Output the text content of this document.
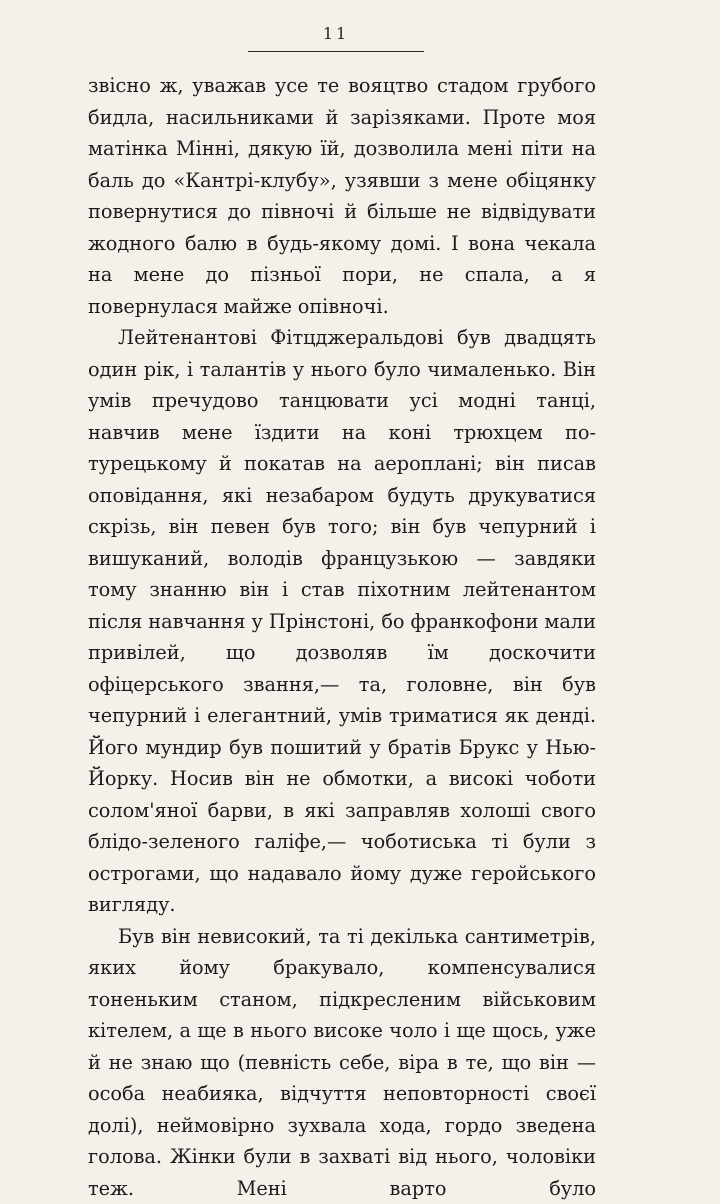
11

звісно ж, уважав усе те вояцтво стадом грубого бидла, насильниками й зарізяками. Проте моя матінка Мінні, дякую їй, дозволила мені піти на баль до «Кантрі-клубу», узявши з мене обіцянку повернутися до півночі й більше не відвідувати жодного балю в будь-якому домі. І вона чекала на мене до пізньої пори, не спала, а я повернулася майже опівночі.

Лейтенантові Фітцджеральдові був двадцять один рік, і талантів у нього було чималенько. Він умів пречудово танцювати усі модні танці, навчив мене їздити на коні трюхцем по-турецькому й покатав на аероплані; він писав оповідання, які незабаром будуть друкуватися скрізь, він певен був того; він був чепурний і вишуканий, володів французькою — завдяки тому знанню він і став піхотним лейтенантом після навчання у Прінстоні, бо франкофони мали привілей, що дозволяв їм доскочити офіцерського звання,— та, головне, він був чепурний і елегантний, умів триматися як денді. Його мундир був пошитий у братів Брукс у Нью-Йорку. Носив він не обмотки, а високі чоботи солом'яної барви, в які заправляв холоші свого блідо-зеленого галіфе,— чоботиська ті були з острогами, що надавало йому дуже геройського вигляду.

Був він невисокий, та ті декілька сантиметрів, яких йому бракувало, компенсувалися тоненьким станом, підкресленим військовим кітелем, а ще в нього високе чоло і ще щось, уже й не знаю що (певність себе, віра в те, що він — особа неабияка, відчуття неповторності своєї долі), неймовірно зухвала хода, гордо зведена голова. Жінки були в захваті від нього, чоловіки теж. Мені варто було
